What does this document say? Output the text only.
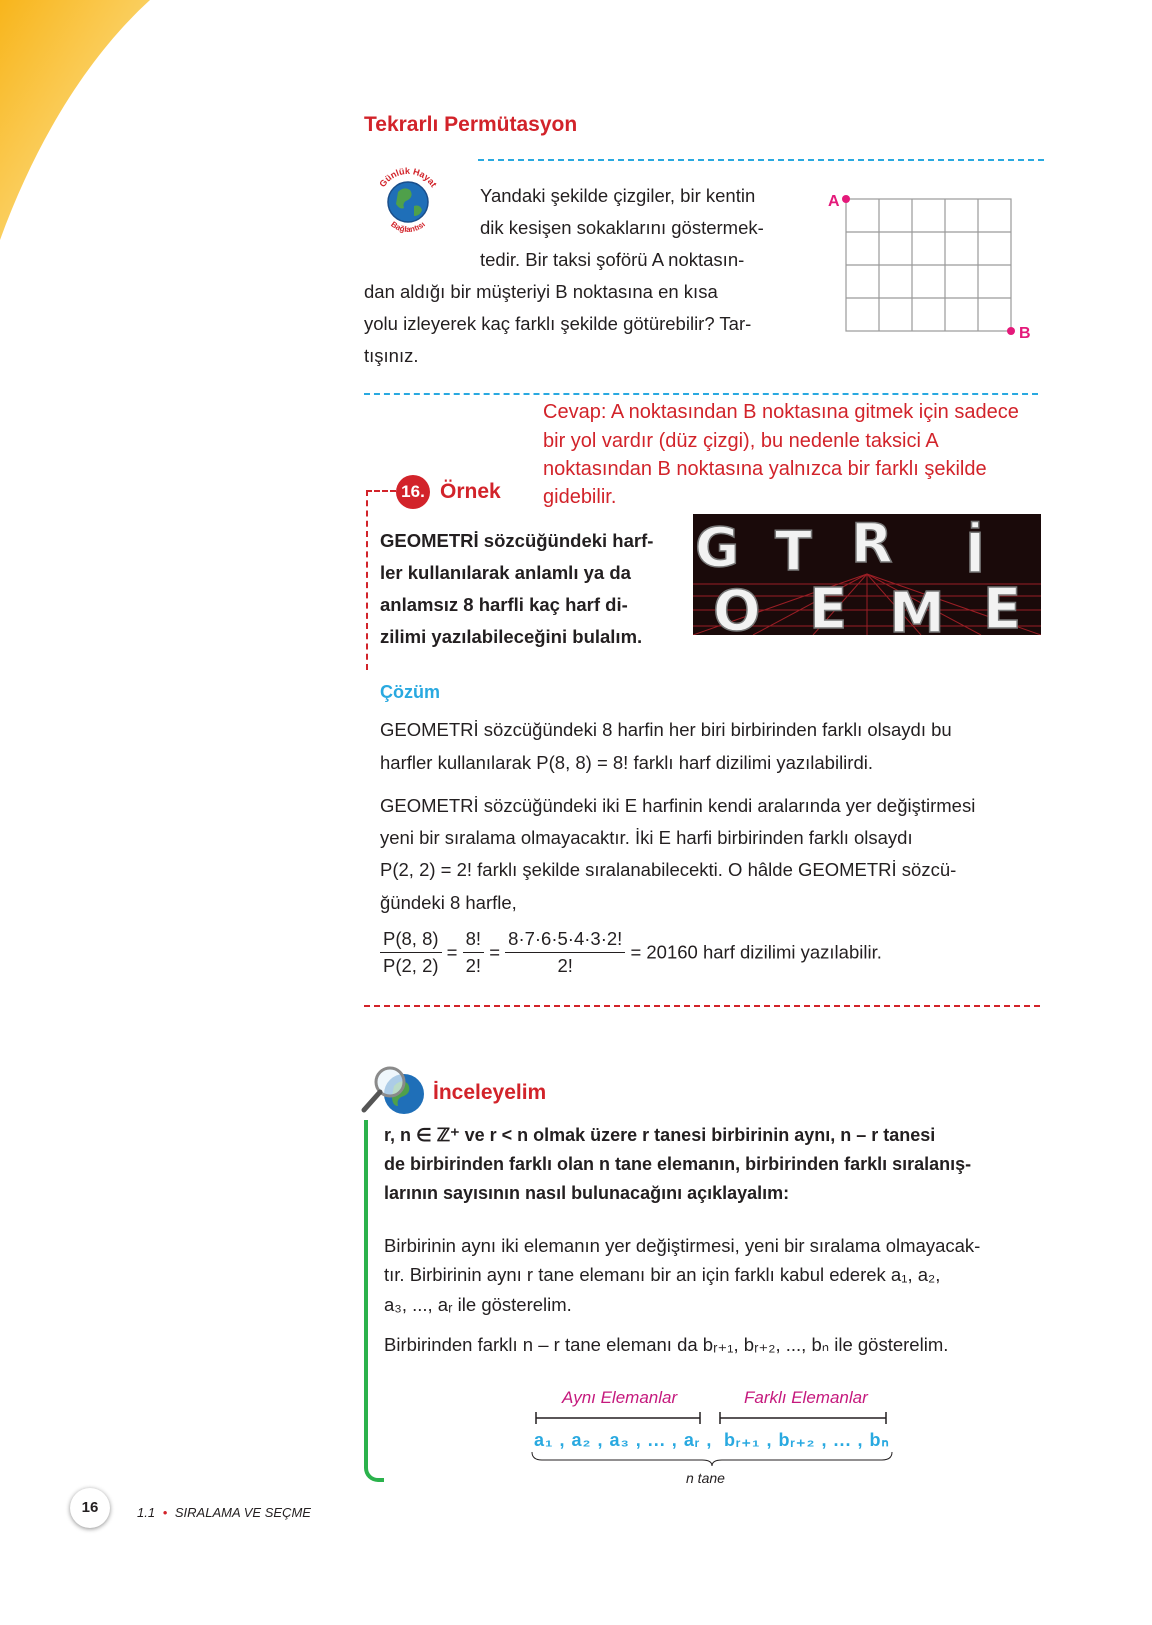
Tekrarlı Permütasyon
Günlük Hayat
Bağlantısı
Yandaki şekilde çizgiler, bir kentin
dik kesişen sokaklarını göstermek-
tedir. Bir taksi şoförü A noktasın-
dan aldığı bir müşteriyi B noktasına en kısa
yolu izleyerek kaç farklı şekilde götürebilir? Tar-
tışınız.
A
B
Cevap: A noktasından B noktasına gitmek için sadece
bir yol vardır (düz çizgi), bu nedenle taksici A
noktasından B noktasına yalnızca bir farklı şekilde
gidebilir.
16. Örnek
GEOMETRİ sözcüğündeki harf-
ler kullanılarak anlamlı ya da
anlamsız 8 harfli kaç harf di-
zilimi yazılabileceğini bulalım.
G T R İ
O E M E
Çözüm
GEOMETRİ sözcüğündeki 8 harfin her biri birbirinden farklı olsaydı bu
harfler kullanılarak P(8, 8) = 8! farklı harf dizilimi yazılabilirdi.
GEOMETRİ sözcüğündeki iki E harfinin kendi aralarında yer değiştirmesi
yeni bir sıralama olmayacaktır. İki E harfi birbirinden farklı olsaydı
P(2, 2) = 2! farklı şekilde sıralanabilecekti. O hâlde GEOMETRİ sözcü-
ğündeki 8 harfle,
$\frac{P(8, 8)}{P(2, 2)} = \frac{8!}{2!} = \frac{8\cdot 7\cdot 6\cdot 5\cdot 4\cdot 3\cdot 2!}{2!} = 20160$ harf dizilimi yazılabilir.
İnceleyelim
r, n ∈ ℤ⁺ ve r < n olmak üzere r tanesi birbirinin aynı, n – r tanesi
de birbirinden farklı olan n tane elemanın, birbirinden farklı sıralanış-
larının sayısının nasıl bulunacağını açıklayalım:
Birbirinin aynı iki elemanın yer değiştirmesi, yeni bir sıralama olmayacak-
tır. Birbirinin aynı r tane elemanı bir an için farklı kabul ederek a₁, a₂,
a₃, ..., aᵣ ile gösterelim.
Birbirinden farklı n – r tane elemanı da bᵣ₊₁, bᵣ₊₂, ..., bₙ ile gösterelim.
Aynı Elemanlar	Farklı Elemanlar
a₁ , a₂ , a₃ , ... , aᵣ , bᵣ₊₁ , bᵣ₊₂ , ... , bₙ
n tane
16	1.1 • SIRALAMA VE SEÇME
